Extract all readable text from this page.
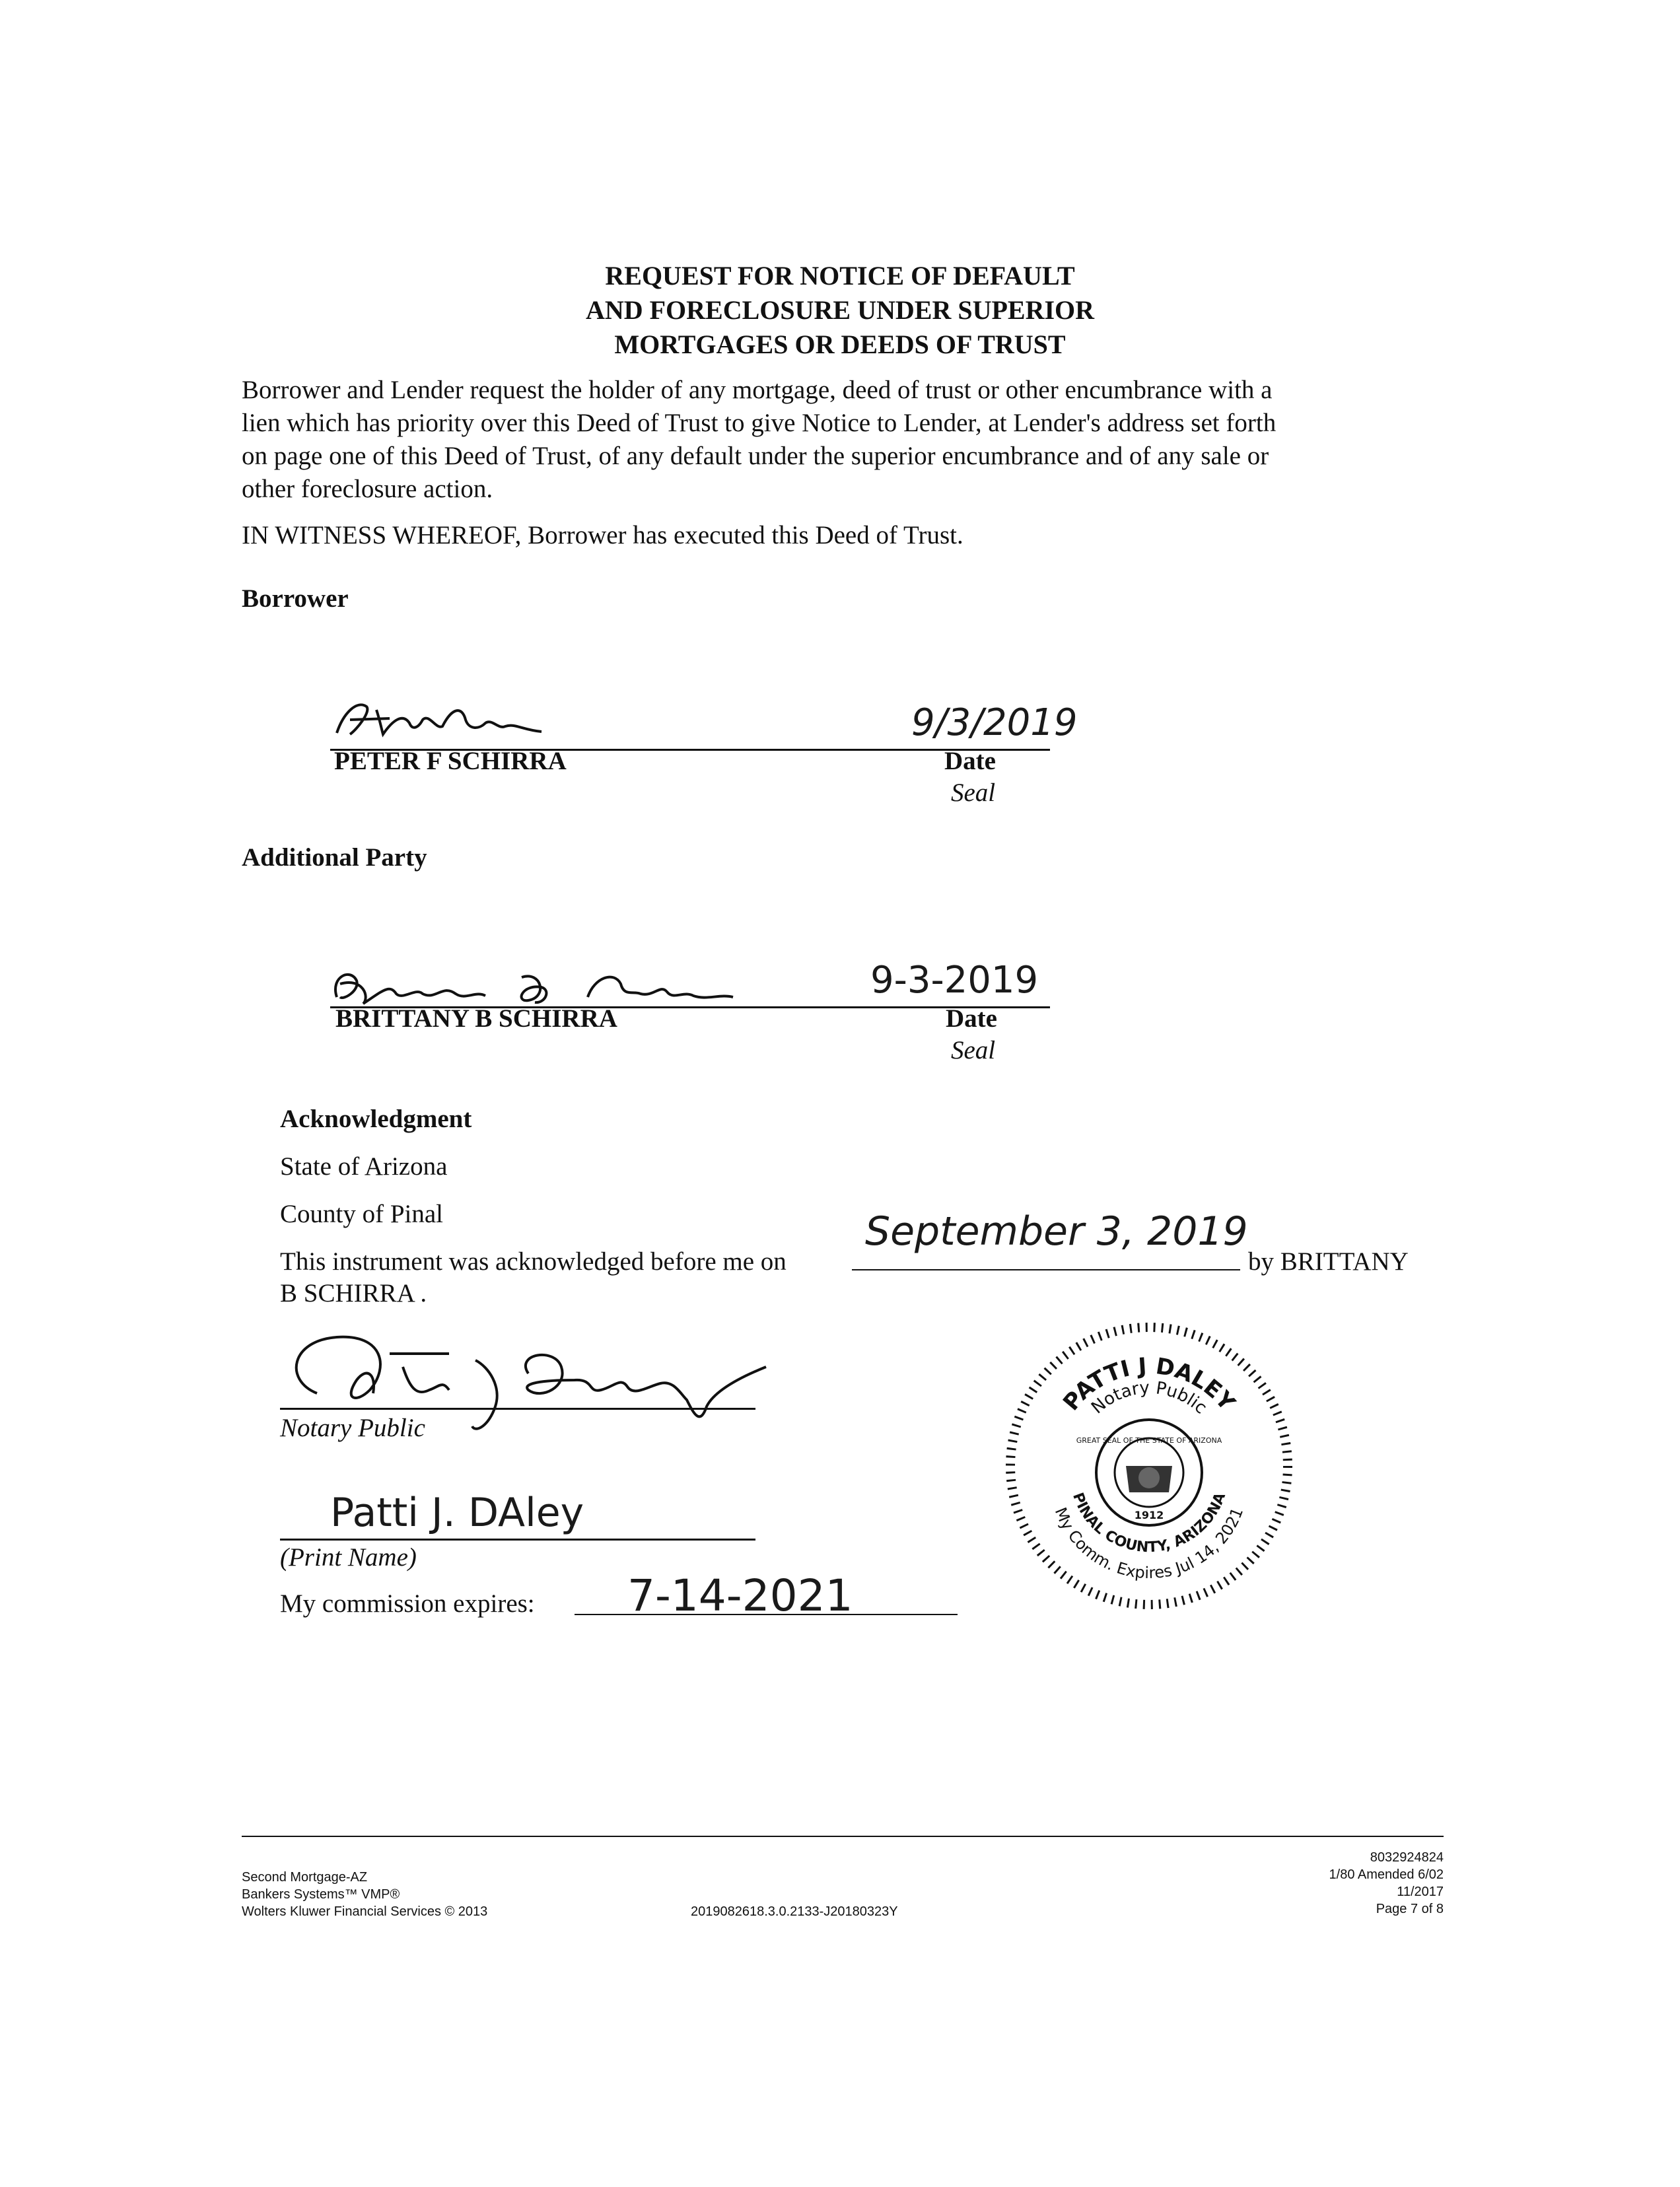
REQUEST FOR NOTICE OF DEFAULT
AND FORECLOSURE UNDER SUPERIOR
MORTGAGES OR DEEDS OF TRUST
Borrower and Lender request the holder of any mortgage, deed of trust or other encumbrance with a
lien which has priority over this Deed of Trust to give Notice to Lender, at Lender's address set forth
on page one of this Deed of Trust, of any default under the superior encumbrance and of any sale or
other foreclosure action.
IN WITNESS WHEREOF, Borrower has executed this Deed of Trust.
Borrower
9/3/2019
PETER F SCHIRRA	Date
Seal
Additional Party
9-3-2019
BRITTANY B SCHIRRA	Date
Seal
Acknowledgment
State of Arizona
County of Pinal
This instrument was acknowledged before me on
September 3, 2019
by BRITTANY
B SCHIRRA .
Notary Public
Patti J. DAley
(Print Name)
My commission expires: 7-14-2021
PATTI J DALEY
Notary Public
My Comm. Expires Jul 14, 2021
PINAL COUNTY, ARIZONA
GREAT SEAL OF THE STATE OF ARIZONA
1912
Second Mortgage-AZ
Bankers Systems™ VMP®
Wolters Kluwer Financial Services © 2013	2019082618.3.0.2133-J20180323Y
8032924824
1/80 Amended 6/02
11/2017
Page 7 of 8
